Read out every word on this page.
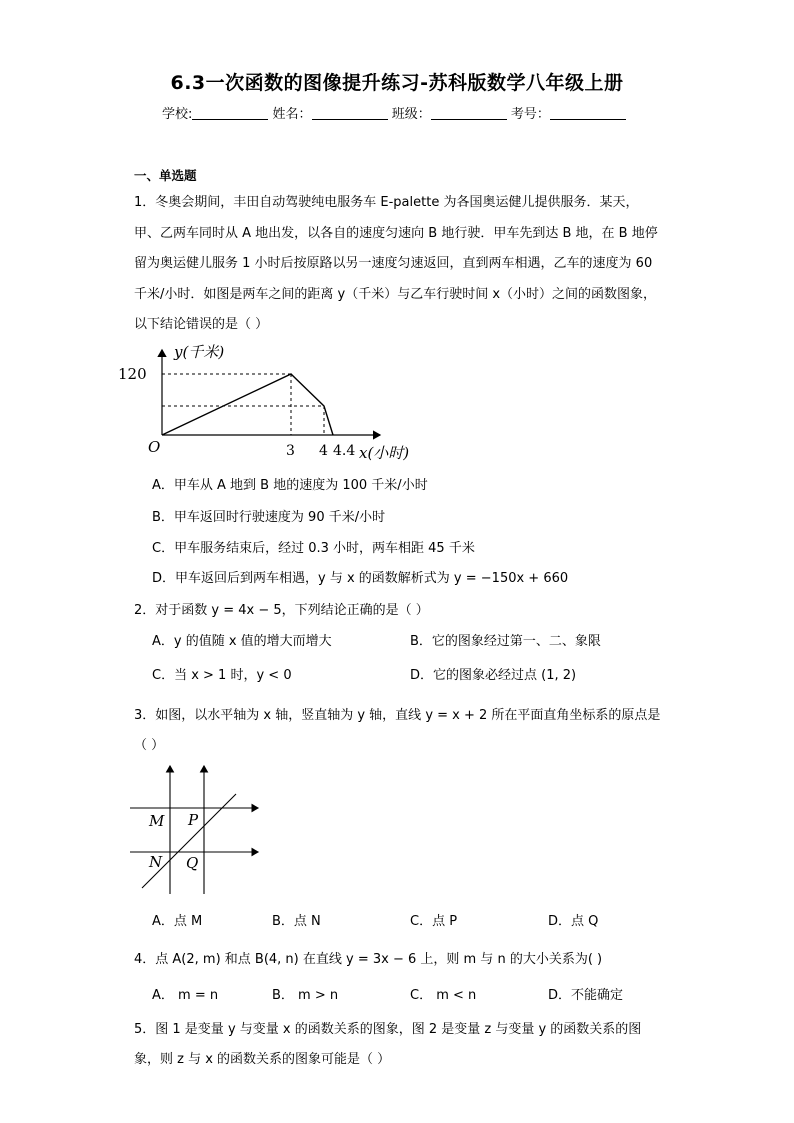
6.3一次函数的图像提升练习-苏科版数学八年级上册
学校:	姓名：	班级：	考号：
一、单选题
1．冬奥会期间，丰田自动驾驶纯电服务车 E-palette 为各国奥运健儿提供服务．某天，甲、乙两车同时从 A 地出发，以各自的速度匀速向 B 地行驶．甲车先到达 B 地，在 B 地停留为奥运健儿服务 1 小时后按原路以另一速度匀速返回，直到两车相遇，乙车的速度为 60 千米/小时．如图是两车之间的距离 y（千米）与乙车行驶时间 x（小时）之间的函数图象，以下结论错误的是（ ）
y(千米)
120
O	3 4 4.4 x(小时)
A．甲车从 A 地到 B 地的速度为 100 千米/小时
B．甲车返回时行驶速度为 90 千米/小时
C．甲车服务结束后，经过 0.3 小时，两车相距 45 千米
D．甲车返回后到两车相遇，y 与 x 的函数解析式为 y = −150x + 660
2．对于函数 y = 4x − 5，下列结论正确的是（ ）
A．y 的值随 x 值的增大而增大	B．它的图象经过第一、二、象限
C．当 x > 1 时，y < 0	D．它的图象必经过点 (1, 2)
3．如图，以水平轴为 x 轴，竖直轴为 y 轴，直线 y = x + 2 所在平面直角坐标系的原点是
（ ）
M P
N Q
A．点 M	B．点 N	C．点 P	D．点 Q
4．点 A(2, m) 和点 B(4, n) 在直线 y = 3x − 6 上，则 m 与 n 的大小关系为( )
A． m = n	B． m > n	C． m < n	D．不能确定
5．图 1 是变量 y 与变量 x 的函数关系的图象，图 2 是变量 z 与变量 y 的函数关系的图
象，则 z 与 x 的函数关系的图象可能是（ ）
